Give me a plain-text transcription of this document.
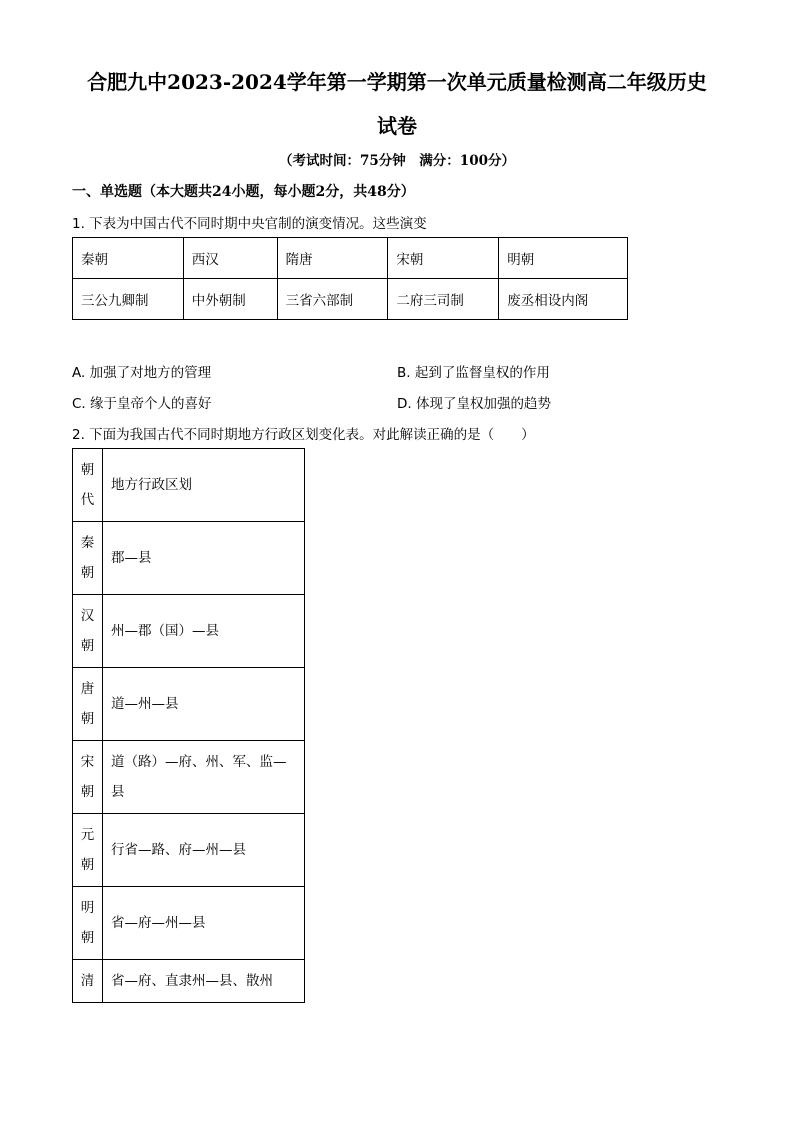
合肥九中2023-2024学年第一学期第一次单元质量检测高二年级历史
试卷
（考试时间：75分钟　满分：100分）
一、单选题（本大题共24小题，每小题2分，共48分）
1. 下表为中国古代不同时期中央官制的演变情况。这些演变
秦朝	西汉	隋唐	宋朝	明朝
三公九卿制	中外朝制	三省六部制	二府三司制	废丞相设内阁
A. 加强了对地方的管理	B. 起到了监督皇权的作用
C. 缘于皇帝个人的喜好	D. 体现了皇权加强的趋势
2. 下面为我国古代不同时期地方行政区划变化表。对此解读正确的是（　　）
朝代	地方行政区划
秦朝	郡—县
汉朝	州—郡（国）—县
唐朝	道—州—县
宋朝	道（路）—府、州、军、监—县
元朝	行省—路、府—州—县
明朝	省—府—州—县
清	省—府、直隶州—县、散州
